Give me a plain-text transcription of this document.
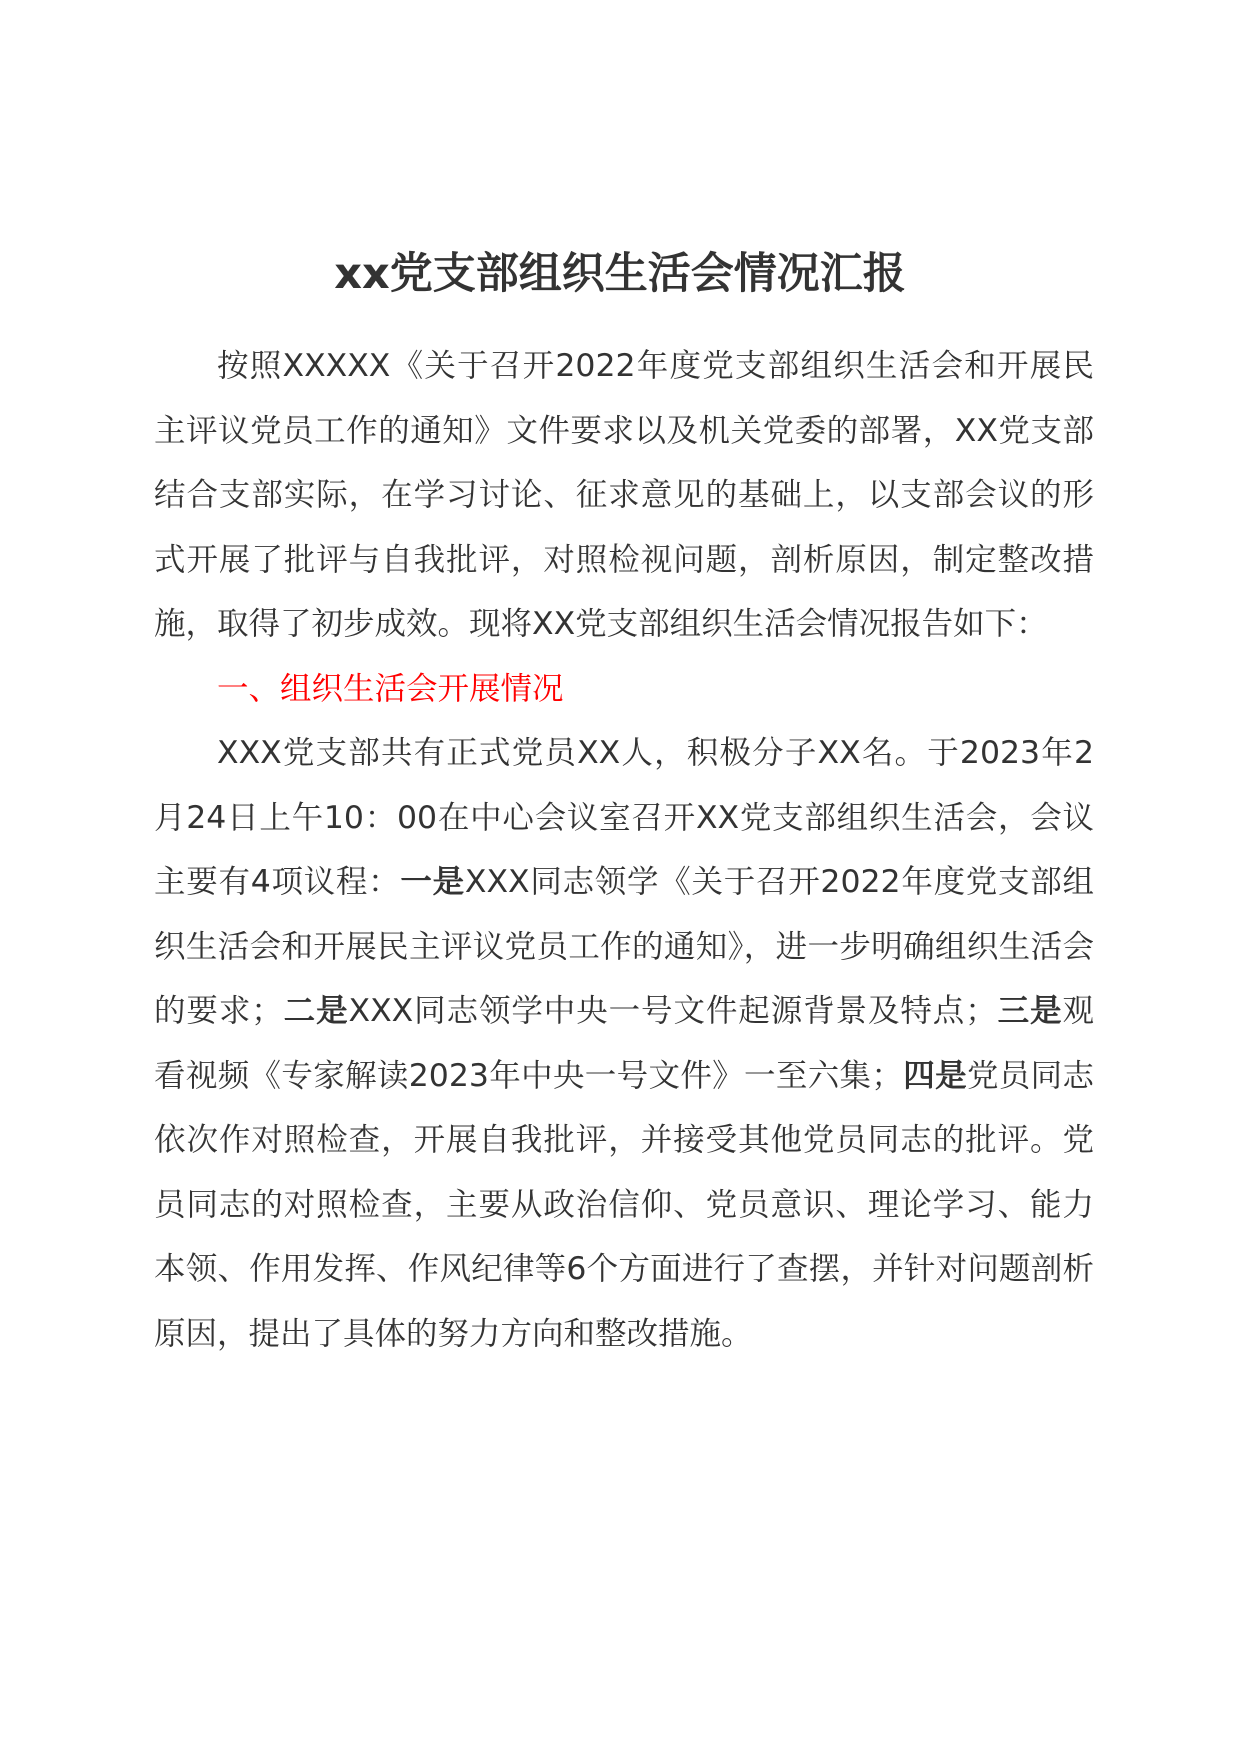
xx党支部组织生活会情况汇报

按照XXXXX《关于召开2022年度党支部组织生活会和开展民主评议党员工作的通知》文件要求以及机关党委的部署，XX党支部结合支部实际，在学习讨论、征求意见的基础上，以支部会议的形式开展了批评与自我批评，对照检视问题，剖析原因，制定整改措施，取得了初步成效。现将XX党支部组织生活会情况报告如下：

一、组织生活会开展情况

XXX党支部共有正式党员XX人，积极分子XX名。于2023年2月24日上午10：00在中心会议室召开XX党支部组织生活会，会议主要有4项议程：一是XXX同志领学《关于召开2022年度党支部组织生活会和开展民主评议党员工作的通知》，进一步明确组织生活会的要求；二是XXX同志领学中央一号文件起源背景及特点；三是观看视频《专家解读2023年中央一号文件》一至六集；四是党员同志依次作对照检查，开展自我批评，并接受其他党员同志的批评。党员同志的对照检查，主要从政治信仰、党员意识、理论学习、能力本领、作用发挥、作风纪律等6个方面进行了查摆，并针对问题剖析原因，提出了具体的努力方向和整改措施。
